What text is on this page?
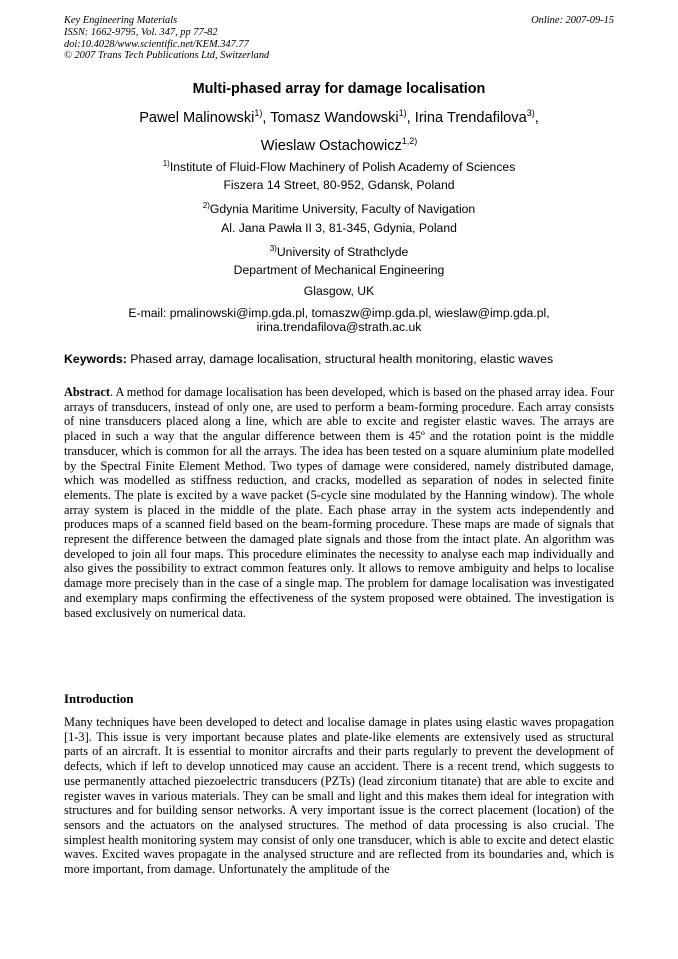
Key Engineering Materials
ISSN: 1662-9795, Vol. 347, pp 77-82
doi:10.4028/www.scientific.net/KEM.347.77
© 2007 Trans Tech Publications Ltd, Switzerland
Online: 2007-09-15
Multi-phased array for damage localisation
Pawel Malinowski$^{1)}$, Tomasz Wandowski$^{1)}$, Irina Trendafilova$^{3)}$,
Wieslaw Ostachowicz$^{1,2)}$
$^{1)}$Institute of Fluid-Flow Machinery of Polish Academy of Sciences
Fiszera 14 Street, 80-952, Gdansk, Poland
$^{2)}$Gdynia Maritime University, Faculty of Navigation
Al. Jana Pawła II 3, 81-345, Gdynia, Poland
$^{3)}$University of Strathclyde
Department of Mechanical Engineering
Glasgow, UK
E-mail: pmalinowski@imp.gda.pl, tomaszw@imp.gda.pl, wieslaw@imp.gda.pl,
irina.trendafilova@strath.ac.uk
Keywords: Phased array, damage localisation, structural health monitoring, elastic waves
Abstract. A method for damage localisation has been developed, which is based on the phased array idea. Four arrays of transducers, instead of only one, are used to perform a beam-forming procedure. Each array consists of nine transducers placed along a line, which are able to excite and register elastic waves. The arrays are placed in such a way that the angular difference between them is 45º and the rotation point is the middle transducer, which is common for all the arrays. The idea has been tested on a square aluminium plate modelled by the Spectral Finite Element Method. Two types of damage were considered, namely distributed damage, which was modelled as stiffness reduction, and cracks, modelled as separation of nodes in selected finite elements. The plate is excited by a wave packet (5-cycle sine modulated by the Hanning window). The whole array system is placed in the middle of the plate. Each phase array in the system acts independently and produces maps of a scanned field based on the beam-forming procedure. These maps are made of signals that represent the difference between the damaged plate signals and those from the intact plate. An algorithm was developed to join all four maps. This procedure eliminates the necessity to analyse each map individually and also gives the possibility to extract common features only. It allows to remove ambiguity and helps to localise damage more precisely than in the case of a single map. The problem for damage localisation was investigated and exemplary maps confirming the effectiveness of the system proposed were obtained. The investigation is based exclusively on numerical data.
Introduction
Many techniques have been developed to detect and localise damage in plates using elastic waves propagation [1-3]. This issue is very important because plates and plate-like elements are extensively used as structural parts of an aircraft. It is essential to monitor aircrafts and their parts regularly to prevent the development of defects, which if left to develop unnoticed may cause an accident. There is a recent trend, which suggests to use permanently attached piezoelectric transducers (PZTs) (lead zirconium titanate) that are able to excite and register waves in various materials. They can be small and light and this makes them ideal for integration with structures and for building sensor networks. A very important issue is the correct placement (location) of the sensors and the actuators on the analysed structures. The method of data processing is also crucial. The simplest health monitoring system may consist of only one transducer, which is able to excite and detect elastic waves. Excited waves propagate in the analysed structure and are reflected from its boundaries and, which is more important, from damage. Unfortunately the amplitude of the
